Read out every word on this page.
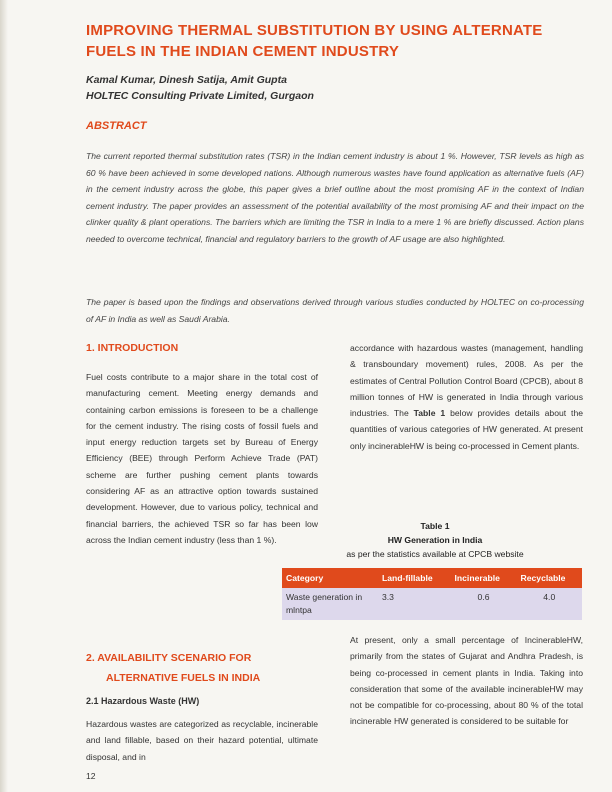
IMPROVING THERMAL SUBSTITUTION BY USING ALTERNATE FUELS IN THE INDIAN CEMENT INDUSTRY
Kamal Kumar, Dinesh Satija, Amit Gupta
HOLTEC Consulting Private Limited, Gurgaon
ABSTRACT
The current reported thermal substitution rates (TSR) in the Indian cement industry is about 1 %. However, TSR levels as high as 60 % have been achieved in some developed nations. Although numerous wastes have found application as alternative fuels (AF) in the cement industry across the globe, this paper gives a brief outline about the most promising AF in the context of Indian cement industry. The paper provides an assessment of the potential availability of the most promising AF and their impact on the clinker quality & plant operations. The barriers which are limiting the TSR in India to a mere 1 % are briefly discussed. Action plans needed to overcome technical, financial and regulatory barriers to the growth of AF usage are also highlighted.
The paper is based upon the findings and observations derived through various studies conducted by HOLTEC on co-processing of AF in India as well as Saudi Arabia.
1. INTRODUCTION
Fuel costs contribute to a major share in the total cost of manufacturing cement. Meeting energy demands and containing carbon emissions is foreseen to be a challenge for the cement industry. The rising costs of fossil fuels and input energy reduction targets set by Bureau of Energy Efficiency (BEE) through Perform Achieve Trade (PAT) scheme are further pushing cement plants towards considering AF as an attractive option towards sustained development. However, due to various policy, technical and financial barriers, the achieved TSR so far has been low across the Indian cement industry (less than 1 %).
accordance with hazardous wastes (management, handling & transboundary movement) rules, 2008. As per the estimates of Central Pollution Control Board (CPCB), about 8 million tonnes of HW is generated in India through various industries. The Table 1 below provides details about the quantities of various categories of HW generated. At present only incinerableHW is being co-processed in Cement plants.
Table 1
HW Generation in India
as per the statistics available at CPCB website
Category	Land-fillable	Incinerable	Recyclable
Waste generation in mlntpa	3.3	0.6	4.0
2. AVAILABILITY SCENARIO FOR
ALTERNATIVE FUELS IN INDIA
2.1 Hazardous Waste (HW)
Hazardous wastes are categorized as recyclable, incinerable and land fillable, based on their hazard potential, ultimate disposal, and in
At present, only a small percentage of IncinerableHW, primarily from the states of Gujarat and Andhra Pradesh, is being co-processed in cement plants in India. Taking into consideration that some of the available incinerableHW may not be compatible for co-processing, about 80 % of the total incinerable HW generated is considered to be suitable for
12
